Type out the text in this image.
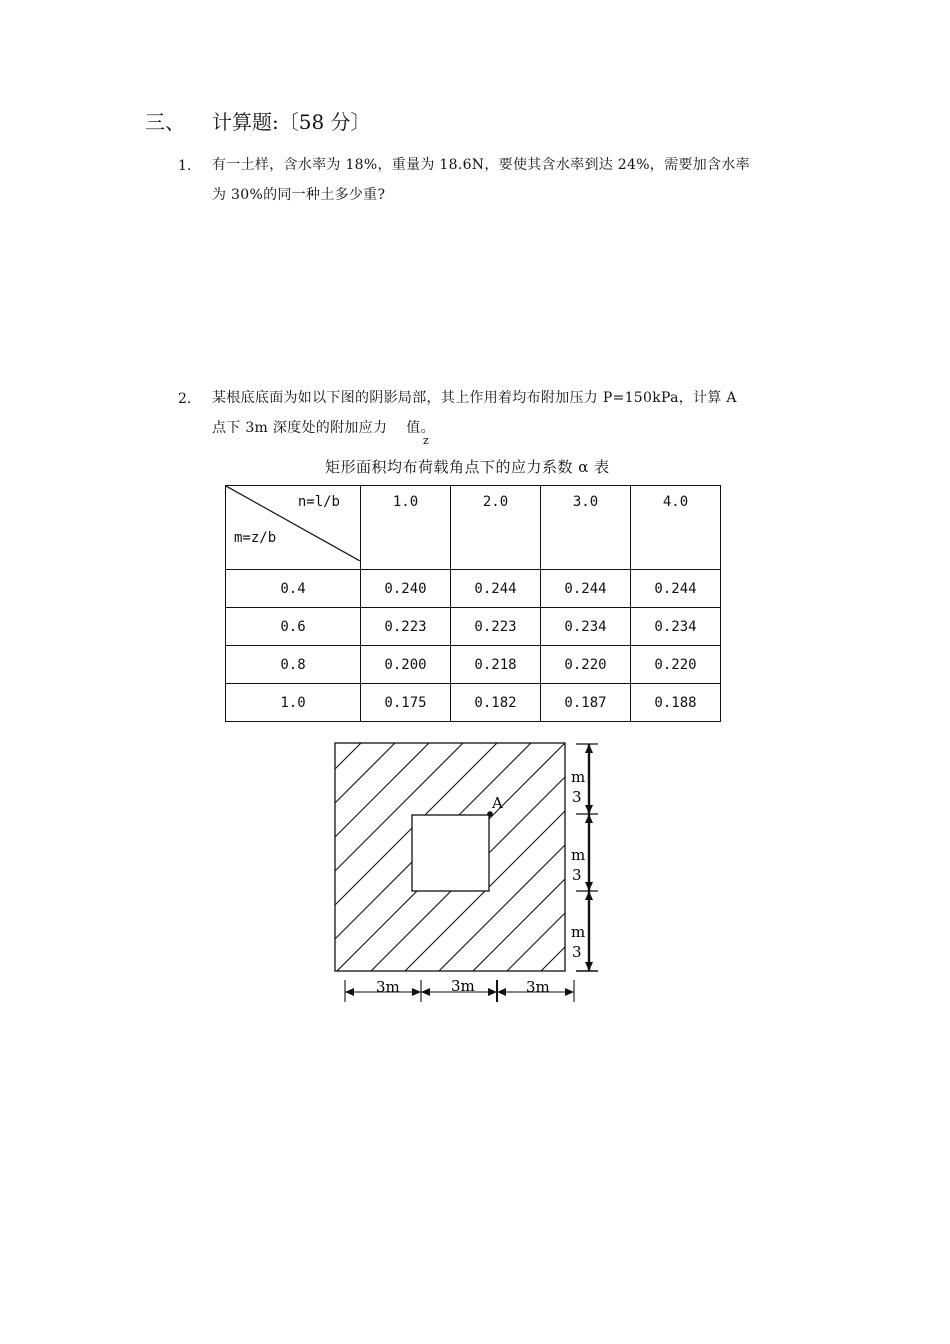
三、 计算题:〔58 分〕
1. 有一土样，含水率为 18%，重量为 18.6N，要使其含水率到达 24%，需要加含水率
为 30%的同一种土多少重?
2. 某根底底面为如以下图的阴影局部，其上作用着均布附加压力 P=150kPa，计算 A
点下 3m 深度处的附加应力    值。
z
矩形面积均布荷载角点下的应力系数 α 表
n=l/b
m=z/b	1.0	2.0	3.0	4.0
0.4	0.240	0.244	0.244	0.244
0.6	0.223	0.223	0.234	0.234
0.8	0.200	0.218	0.220	0.220
1.0	0.175	0.182	0.187	0.188
A
m
3
m
3
m
3
3m	3m	3m
